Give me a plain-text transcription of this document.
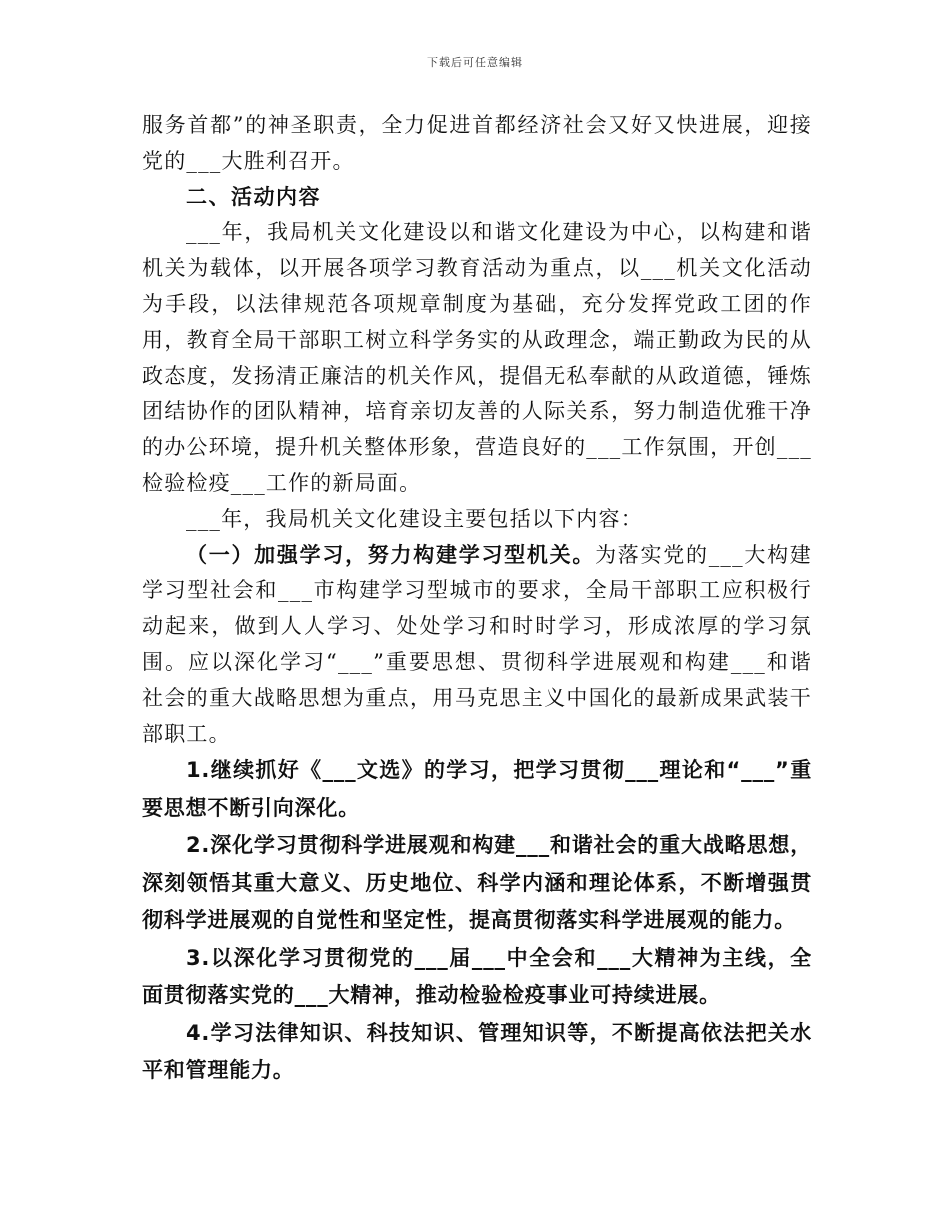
下载后可任意编辑

服务首都”的神圣职责，全力促进首都经济社会又好又快进展，迎接党的___大胜利召开。

二、活动内容

___年，我局机关文化建设以和谐文化建设为中心，以构建和谐机关为载体，以开展各项学习教育活动为重点，以___机关文化活动为手段，以法律规范各项规章制度为基础，充分发挥党政工团的作用，教育全局干部职工树立科学务实的从政理念，端正勤政为民的从政态度，发扬清正廉洁的机关作风，提倡无私奉献的从政道德，锤炼团结协作的团队精神，培育亲切友善的人际关系，努力制造优雅干净的办公环境，提升机关整体形象，营造良好的___工作氛围，开创___检验检疫___工作的新局面。

___年，我局机关文化建设主要包括以下内容：

（一）加强学习，努力构建学习型机关。为落实党的___大构建学习型社会和___市构建学习型城市的要求，全局干部职工应积极行动起来，做到人人学习、处处学习和时时学习，形成浓厚的学习氛围。应以深化学习“___”重要思想、贯彻科学进展观和构建___和谐社会的重大战略思想为重点，用马克思主义中国化的最新成果武装干部职工。

1.继续抓好《___文选》的学习，把学习贯彻___理论和“___”重要思想不断引向深化。

2.深化学习贯彻科学进展观和构建___和谐社会的重大战略思想，深刻领悟其重大意义、历史地位、科学内涵和理论体系，不断增强贯彻科学进展观的自觉性和坚定性，提高贯彻落实科学进展观的能力。

3.以深化学习贯彻党的___届___中全会和___大精神为主线，全面贯彻落实党的___大精神，推动检验检疫事业可持续进展。

4.学习法律知识、科技知识、管理知识等，不断提高依法把关水平和管理能力。
